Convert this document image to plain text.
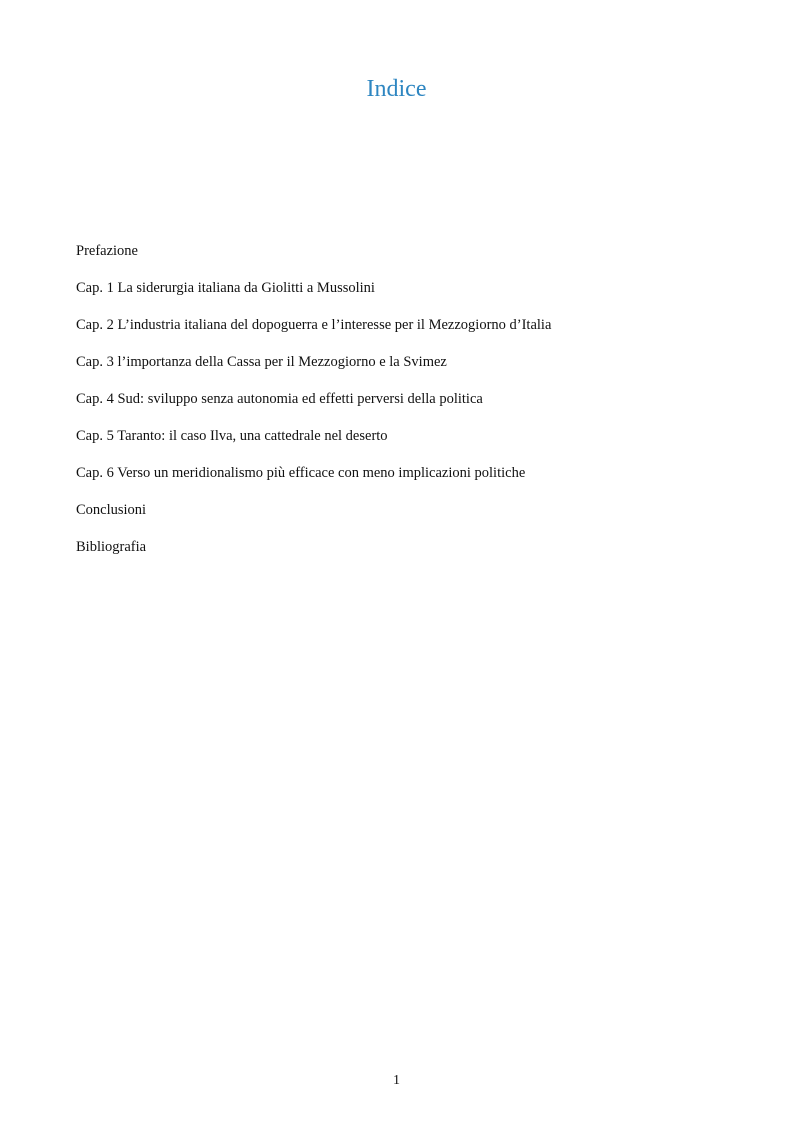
Indice
Prefazione
Cap. 1 La siderurgia italiana da Giolitti a Mussolini
Cap. 2 L’industria italiana del dopoguerra e l’interesse per il Mezzogiorno d’Italia
Cap. 3 l’importanza della Cassa per il Mezzogiorno e la Svimez
Cap. 4 Sud: sviluppo senza autonomia ed effetti perversi della politica
Cap. 5 Taranto: il caso Ilva, una cattedrale nel deserto
Cap. 6 Verso un meridionalismo più efficace con meno implicazioni politiche
Conclusioni
Bibliografia
1
